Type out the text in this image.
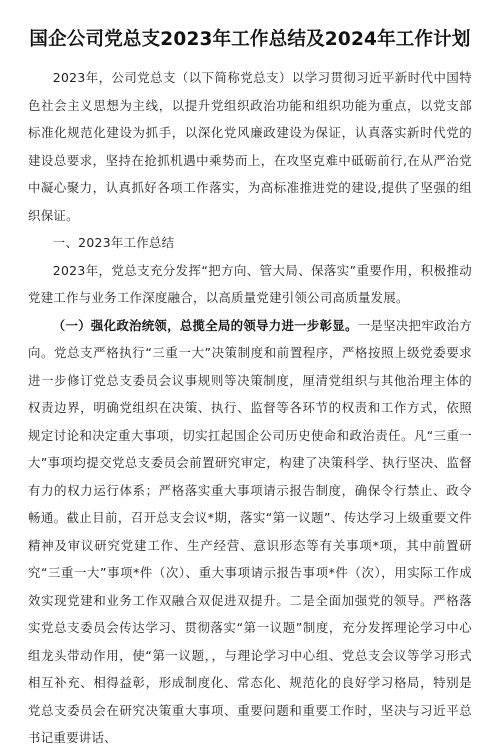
国企公司党总支2023年工作总结及2024年工作计划

2023年，公司党总支（以下简称党总支）以学习贯彻习近平新时代中国特色社会主义思想为主线，以提升党组织政治功能和组织功能为重点，以党支部标准化规范化建设为抓手，以深化党风廉政建设为保证，认真落实新时代党的建设总要求，坚持在抢抓机遇中乘势而上，在攻坚克难中砥砺前行,在从严治党中凝心聚力，认真抓好各项工作落实，为高标准推进党的建设,提供了坚强的组织保证。

一、2023年工作总结

2023年，党总支充分发挥“把方向、管大局、保落实”重要作用，积极推动党建工作与业务工作深度融合，以高质量党建引领公司高质量发展。

（一）强化政治统领，总揽全局的领导力进一步彰显。一是坚决把牢政治方向。党总支严格执行“三重一大”决策制度和前置程序，严格按照上级党委要求进一步修订党总支委员会议事规则等决策制度，厘清党组织与其他治理主体的权责边界，明确党组织在决策、执行、监督等各环节的权责和工作方式，依照规定讨论和决定重大事项，切实扛起国企公司历史使命和政治责任。凡“三重一大”事项均提交党总支委员会前置研究审定，构建了决策科学、执行坚决、监督有力的权力运行体系；严格落实重大事项请示报告制度，确保令行禁止、政令畅通。截止目前，召开总支会议*期，落实“第一议题”、传达学习上级重要文件精神及审议研究党建工作、生产经营、意识形态等有关事项*项，其中前置研究“三重一大”事项*件（次）、重大事项请示报告事项*件（次），用实际工作成效实现党建和业务工作双融合双促进双提升。二是全面加强党的领导。严格落实党总支委员会传达学习、贯彻落实“第一议题”制度，充分发挥理论学习中心组龙头带动作用，使“第一议题，，与理论学习中心组、党总支会议等学习形式相互补充、相得益彰，形成制度化、常态化、规范化的良好学习格局，特别是党总支委员会在研究决策重大事项、重要问题和重要工作时，坚决与习近平总书记重要讲话、
